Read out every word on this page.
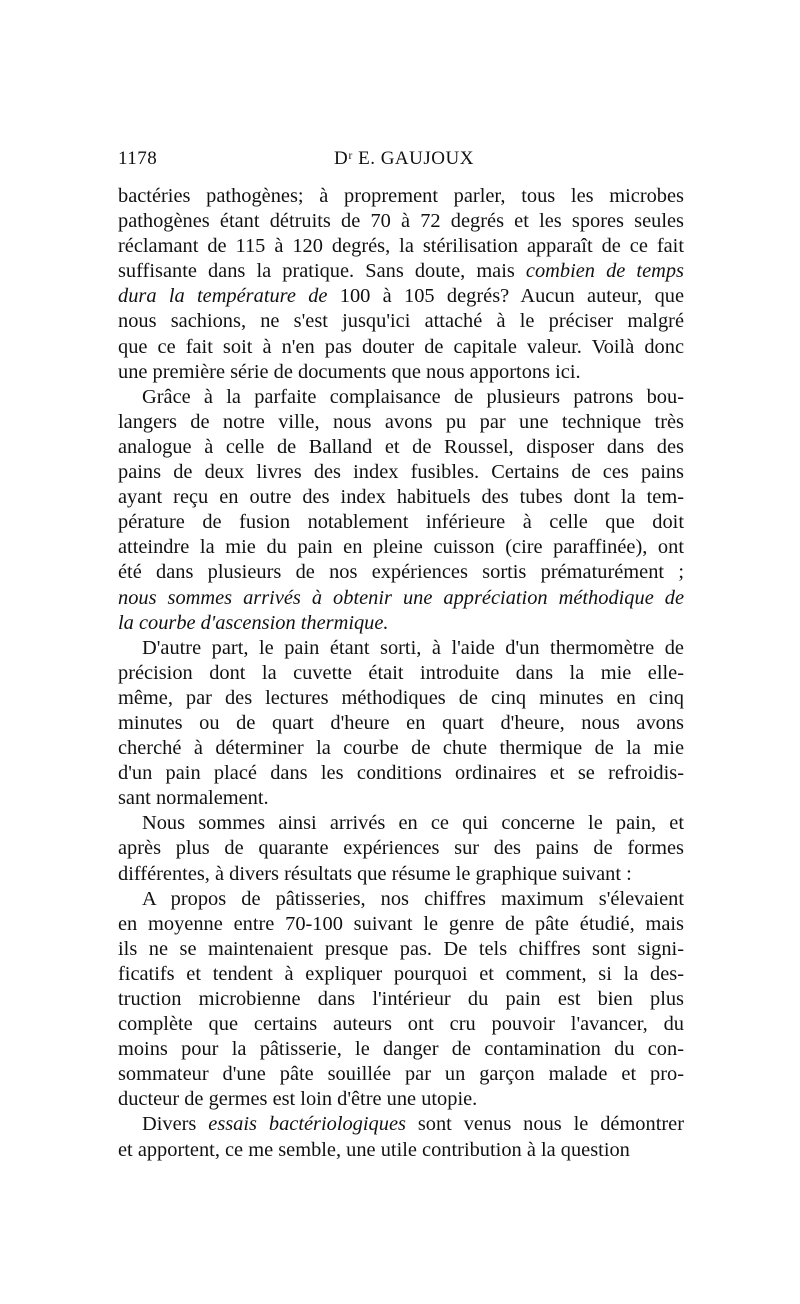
1178	Dʳ E. GAUJOUX
bactéries pathogènes; à proprement parler, tous les microbes
pathogènes étant détruits de 70 à 72 degrés et les spores seules
réclamant de 115 à 120 degrés, la stérilisation apparaît de ce fait
suffisante dans la pratique. Sans doute, mais combien de temps
dura la température de 100 à 105 degrés? Aucun auteur, que
nous sachions, ne s'est jusqu'ici attaché à le préciser malgré
que ce fait soit à n'en pas douter de capitale valeur. Voilà donc
une première série de documents que nous apportons ici.
Grâce à la parfaite complaisance de plusieurs patrons bou-
langers de notre ville, nous avons pu par une technique très
analogue à celle de Balland et de Roussel, disposer dans des
pains de deux livres des index fusibles. Certains de ces pains
ayant reçu en outre des index habituels des tubes dont la tem-
pérature de fusion notablement inférieure à celle que doit
atteindre la mie du pain en pleine cuisson (cire paraffinée), ont
été dans plusieurs de nos expériences sortis prématurément ;
nous sommes arrivés à obtenir une appréciation méthodique de
la courbe d'ascension thermique.
D'autre part, le pain étant sorti, à l'aide d'un thermomètre de
précision dont la cuvette était introduite dans la mie elle-
même, par des lectures méthodiques de cinq minutes en cinq
minutes ou de quart d'heure en quart d'heure, nous avons
cherché à déterminer la courbe de chute thermique de la mie
d'un pain placé dans les conditions ordinaires et se refroidis-
sant normalement.
Nous sommes ainsi arrivés en ce qui concerne le pain, et
après plus de quarante expériences sur des pains de formes
différentes, à divers résultats que résume le graphique suivant :
A propos de pâtisseries, nos chiffres maximum s'élevaient
en moyenne entre 70-100 suivant le genre de pâte étudié, mais
ils ne se maintenaient presque pas. De tels chiffres sont signi-
ficatifs et tendent à expliquer pourquoi et comment, si la des-
truction microbienne dans l'intérieur du pain est bien plus
complète que certains auteurs ont cru pouvoir l'avancer, du
moins pour la pâtisserie, le danger de contamination du con-
sommateur d'une pâte souillée par un garçon malade et pro-
ducteur de germes est loin d'être une utopie.
Divers essais bactériologiques sont venus nous le démontrer
et apportent, ce me semble, une utile contribution à la question
